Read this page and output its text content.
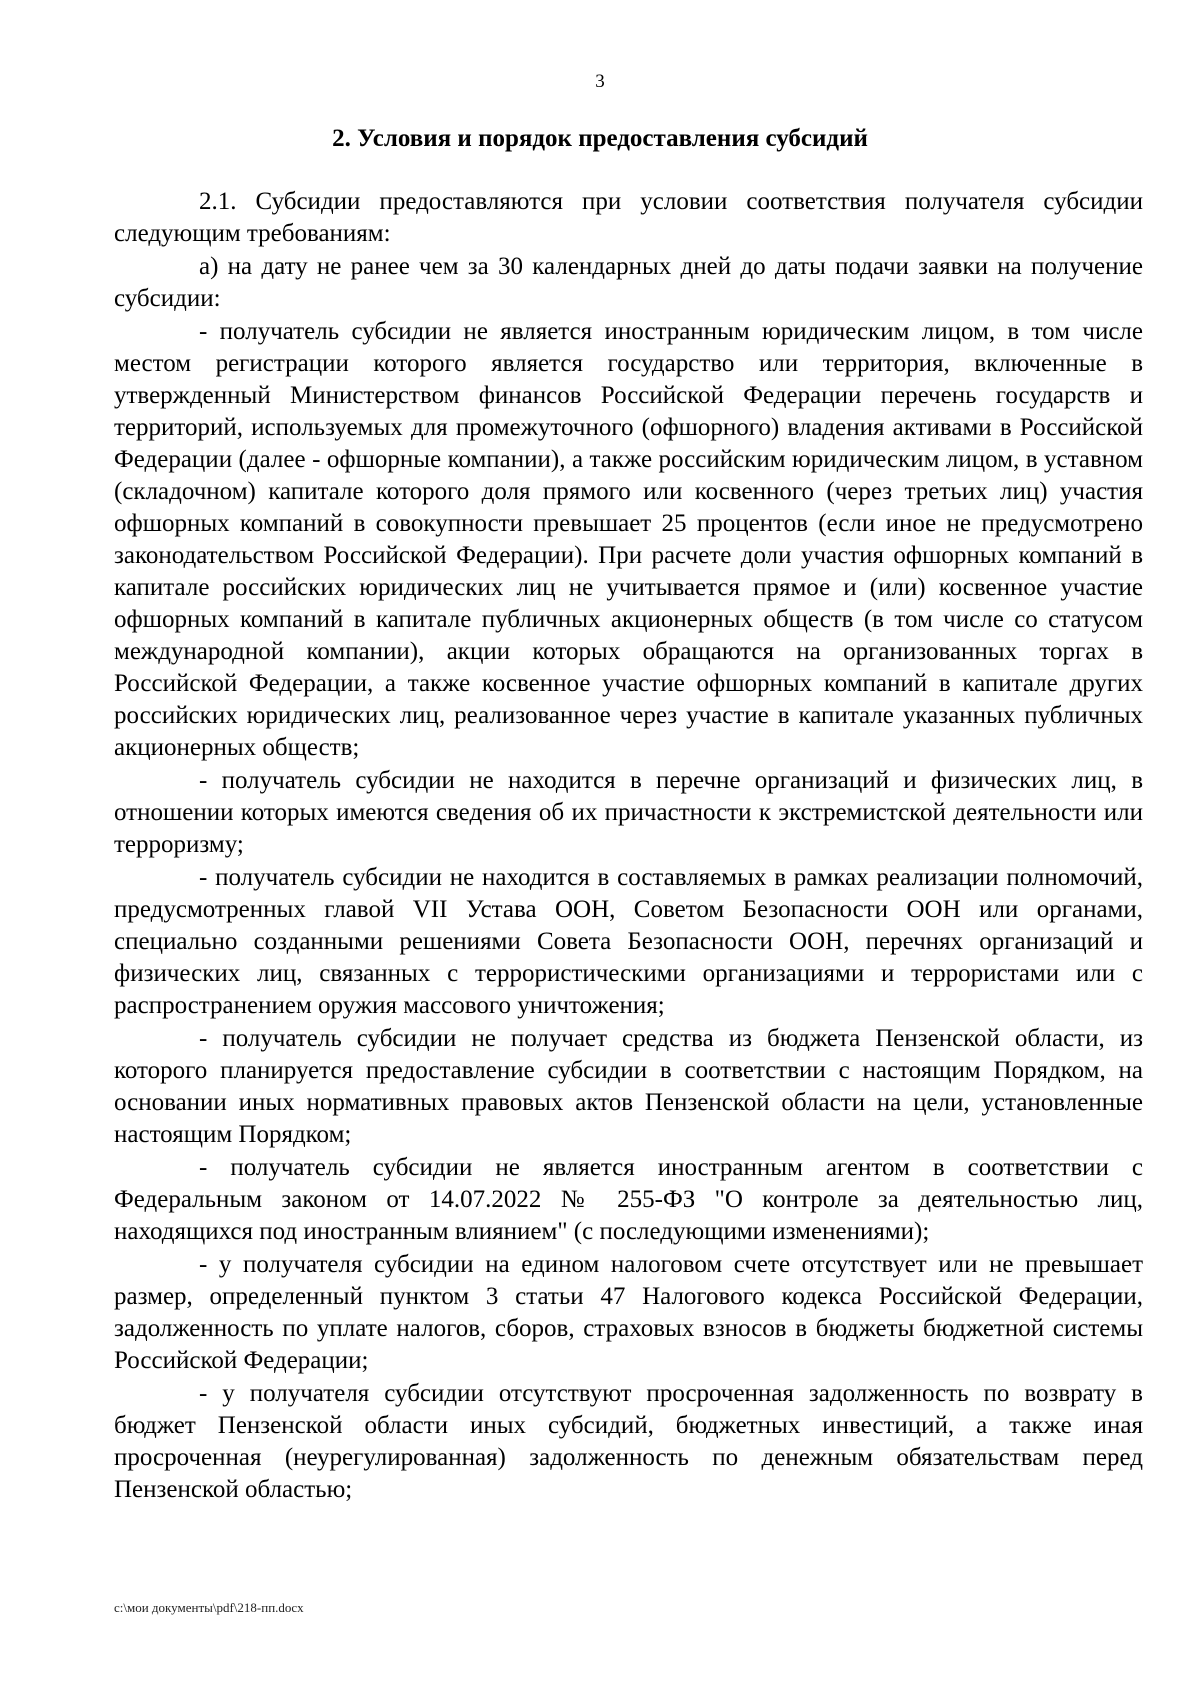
3
2. Условия и порядок предоставления субсидий

2.1. Субсидии предоставляются при условии соответствия получателя субсидии следующим требованиям:

а) на дату не ранее чем за 30 календарных дней до даты подачи заявки на получение субсидии:

- получатель субсидии не является иностранным юридическим лицом, в том числе местом регистрации которого является государство или территория, включенные в утвержденный Министерством финансов Российской Федерации перечень государств и территорий, используемых для промежуточного (офшорного) владения активами в Российской Федерации (далее - офшорные компании), а также российским юридическим лицом, в уставном (складочном) капитале которого доля прямого или косвенного (через третьих лиц) участия офшорных компаний в совокупности превышает 25 процентов (если иное не предусмотрено законодательством Российской Федерации). При расчете доли участия офшорных компаний в капитале российских юридических лиц не учитывается прямое и (или) косвенное участие офшорных компаний в капитале публичных акционерных обществ (в том числе со статусом международной компании), акции которых обращаются на организованных торгах в Российской Федерации, а также косвенное участие офшорных компаний в капитале других российских юридических лиц, реализованное через участие в капитале указанных публичных акционерных обществ;

- получатель субсидии не находится в перечне организаций и физических лиц, в отношении которых имеются сведения об их причастности к экстремистской деятельности или терроризму;

- получатель субсидии не находится в составляемых в рамках реализации полномочий, предусмотренных главой VII Устава ООН, Советом Безопасности ООН или органами, специально созданными решениями Совета Безопасности ООН, перечнях организаций и физических лиц, связанных с террористическими организациями и террористами или с распространением оружия массового уничтожения;

- получатель субсидии не получает средства из бюджета Пензенской области, из которого планируется предоставление субсидии в соответствии с настоящим Порядком, на основании иных нормативных правовых актов Пензенской области на цели, установленные настоящим Порядком;

- получатель субсидии не является иностранным агентом в соответствии с Федеральным законом от 14.07.2022 № 255-ФЗ "О контроле за деятельностью лиц, находящихся под иностранным влиянием" (с последующими изменениями);

- у получателя субсидии на едином налоговом счете отсутствует или не превышает размер, определенный пунктом 3 статьи 47 Налогового кодекса Российской Федерации, задолженность по уплате налогов, сборов, страховых взносов в бюджеты бюджетной системы Российской Федерации;

- у получателя субсидии отсутствуют просроченная задолженность по возврату в бюджет Пензенской области иных субсидий, бюджетных инвестиций, а также иная просроченная (неурегулированная) задолженность по денежным обязательствам перед Пензенской областью;

c:\мои документы\pdf\218-пп.docx
